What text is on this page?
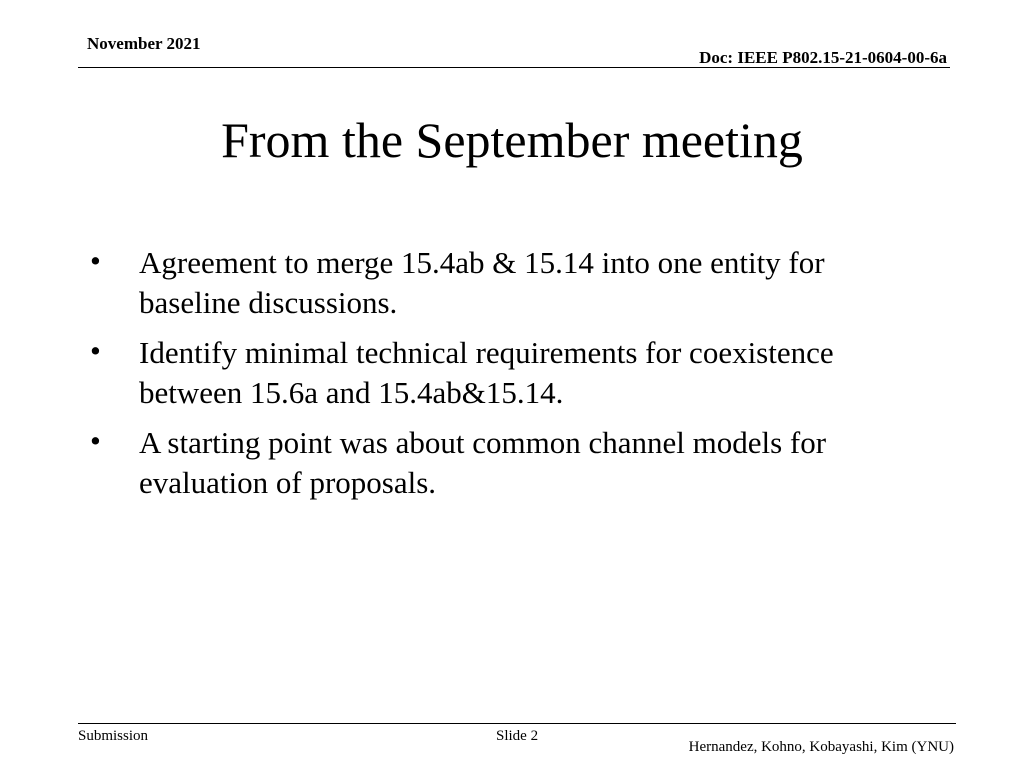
November 2021
Doc: IEEE P802.15-21-0604-00-6a
From the September meeting
• Agreement to merge 15.4ab & 15.14 into one entity for baseline discussions.
• Identify minimal technical requirements for coexistence between 15.6a and 15.4ab&15.14.
• A starting point was about common channel models for evaluation of proposals.
Submission	Slide 2
Hernandez, Kohno, Kobayashi, Kim (YNU)
